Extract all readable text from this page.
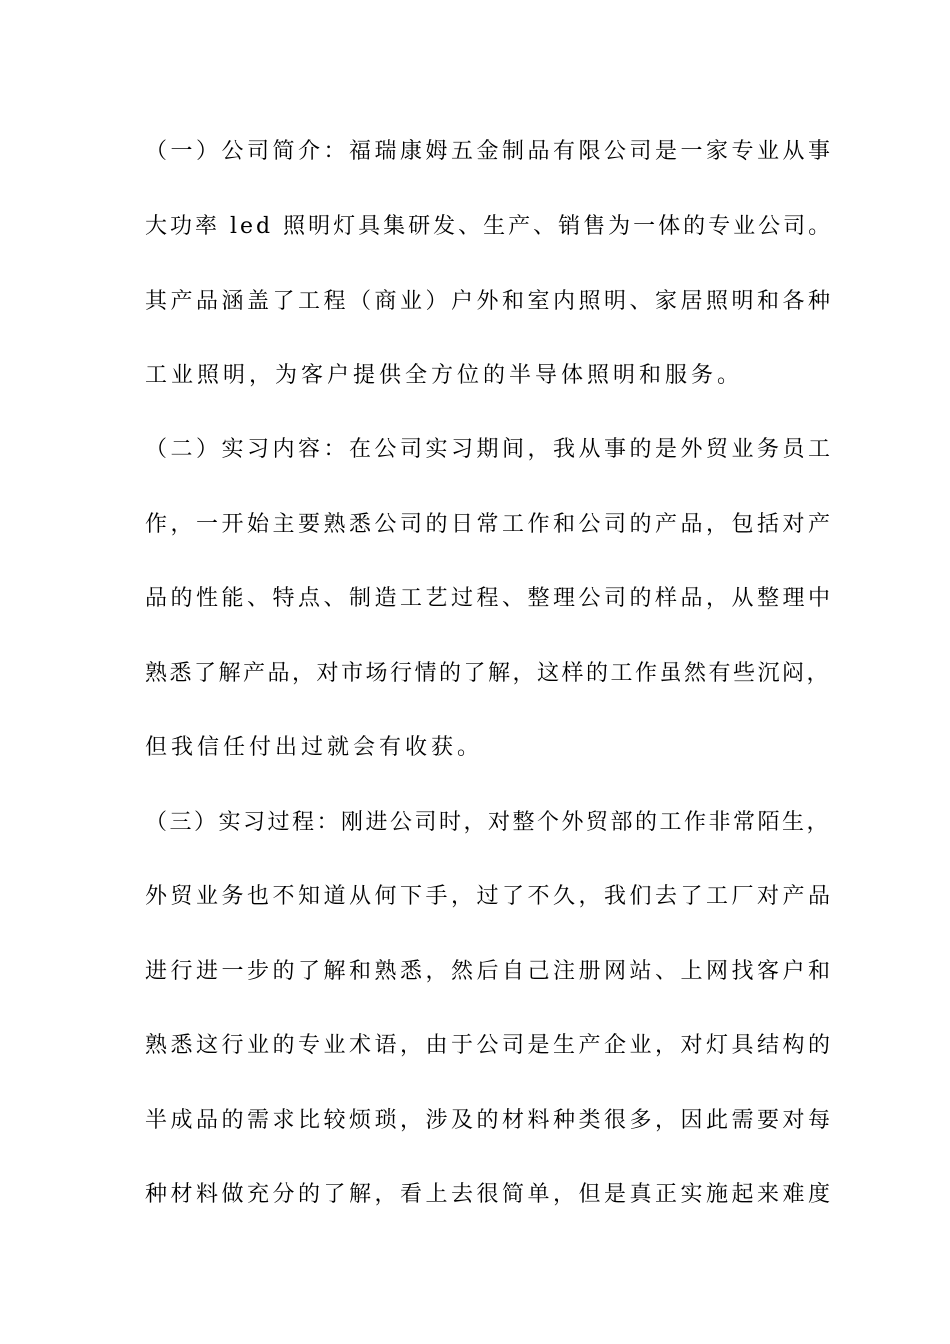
（一）公司简介：福瑞康姆五金制品有限公司是一家专业从事
大功率 led 照明灯具集研发、生产、销售为一体的专业公司。
其产品涵盖了工程（商业）户外和室内照明、家居照明和各种
工业照明，为客户提供全方位的半导体照明和服务。
（二）实习内容：在公司实习期间，我从事的是外贸业务员工
作，一开始主要熟悉公司的日常工作和公司的产品，包括对产
品的性能、特点、制造工艺过程、整理公司的样品，从整理中
熟悉了解产品，对市场行情的了解，这样的工作虽然有些沉闷，
但我信任付出过就会有收获。
（三）实习过程：刚进公司时，对整个外贸部的工作非常陌生，
外贸业务也不知道从何下手，过了不久，我们去了工厂对产品
进行进一步的了解和熟悉，然后自己注册网站、上网找客户和
熟悉这行业的专业术语，由于公司是生产企业，对灯具结构的
半成品的需求比较烦琐，涉及的材料种类很多，因此需要对每
种材料做充分的了解，看上去很简单，但是真正实施起来难度
